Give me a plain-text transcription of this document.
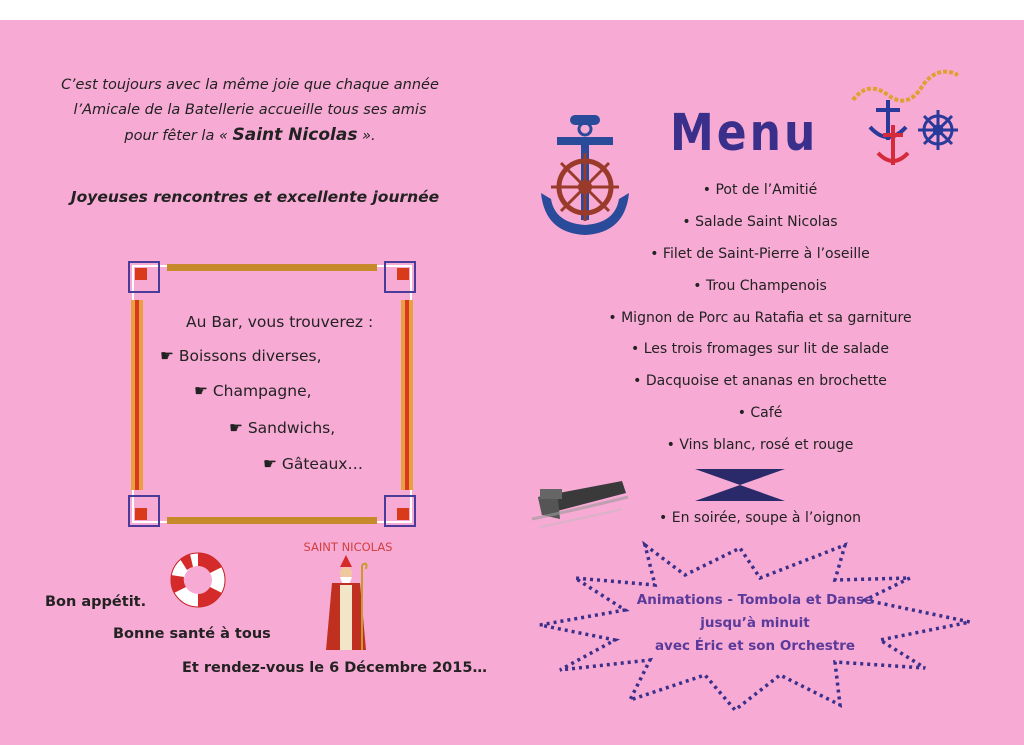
C’est toujours avec la même joie que chaque année
l’Amicale de la Batellerie accueille tous ses amis
pour fêter la « Saint Nicolas ».
Joyeuses rencontres et excellente journée
Au Bar, vous trouverez :
☛ Boissons diverses,
☛ Champagne,
☛ Sandwichs,
☛ Gâteaux…
SAINT NICOLAS
Bon appétit.
Bonne santé à tous
Et rendez-vous le 6 Décembre 2015…
Menu
• Pot de l’Amitié
• Salade Saint Nicolas
• Filet de Saint-Pierre à l’oseille
• Trou Champenois
• Mignon de Porc au Ratafia et sa garniture
• Les trois fromages sur lit de salade
• Dacquoise et ananas en brochette
• Café
• Vins blanc, rosé et rouge
• En soirée, soupe à l’oignon
Animations - Tombola et Danse
jusqu’à minuit
avec Éric et son Orchestre
